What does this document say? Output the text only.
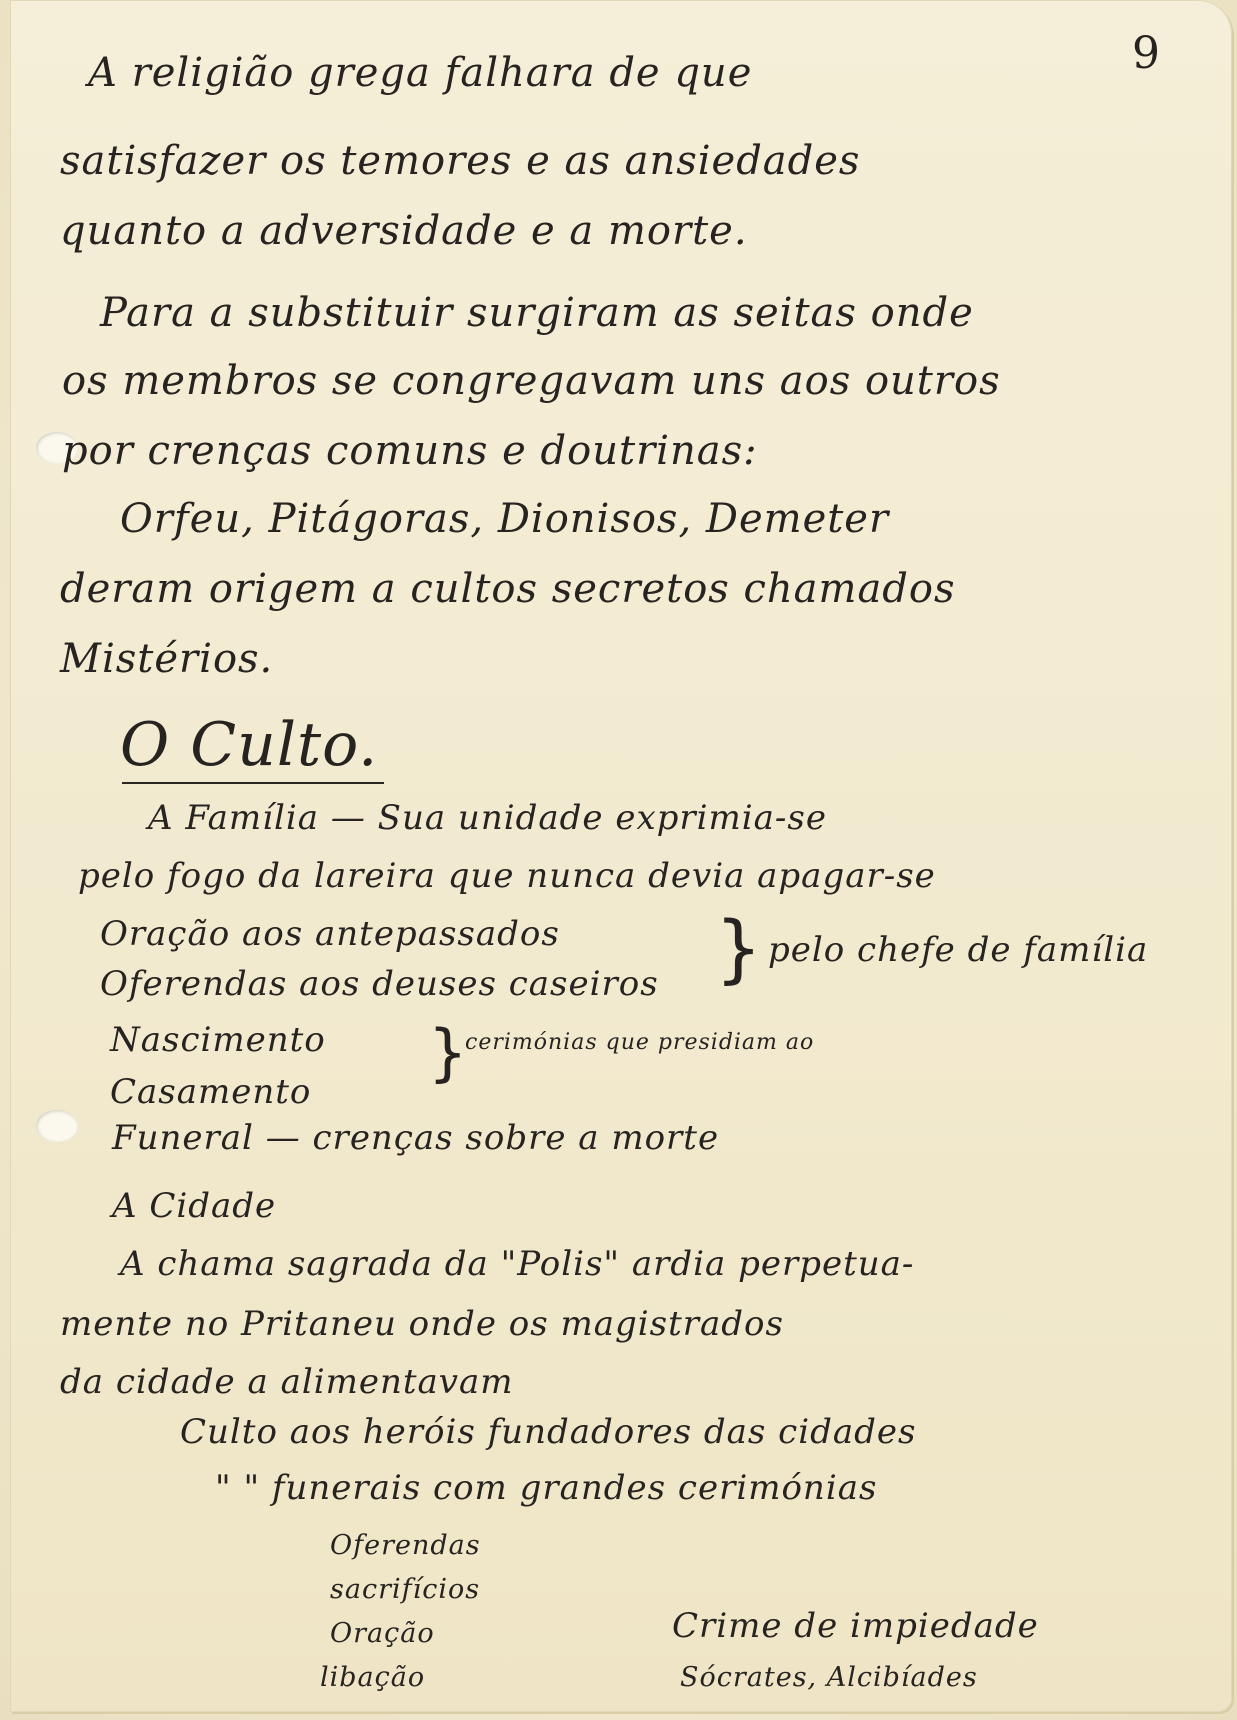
9

A religião grega falhara de que

satisfazer os temores e as ansiedades

quanto a adversidade e a morte.

Para a substituir surgiram as seitas onde

os membros se congregavam uns aos outros

por crenças comuns e doutrinas:

Orfeu, Pitágoras, Dionisos, Demeter

deram origem a cultos secretos chamados

Mistérios.

O Culto.

A Família — Sua unidade exprimia-se

pelo fogo da lareira que nunca devia apagar-se

Oração aos antepassados

Oferendas aos deuses caseiros } pelo chefe de família

Nascimento

Casamento

}

cerimónias que presidiam ao

Funeral — crenças sobre a morte

A Cidade

A chama sagrada da "Polis" ardia perpetua-

mente no Pritaneu onde os magistrados

da cidade a alimentavam

Culto aos heróis fundadores das cidades

" " funerais com grandes cerimónias

Oferendas

sacrifícios

Oração

libação

Crime de impiedade

Sócrates, Alcibíades
